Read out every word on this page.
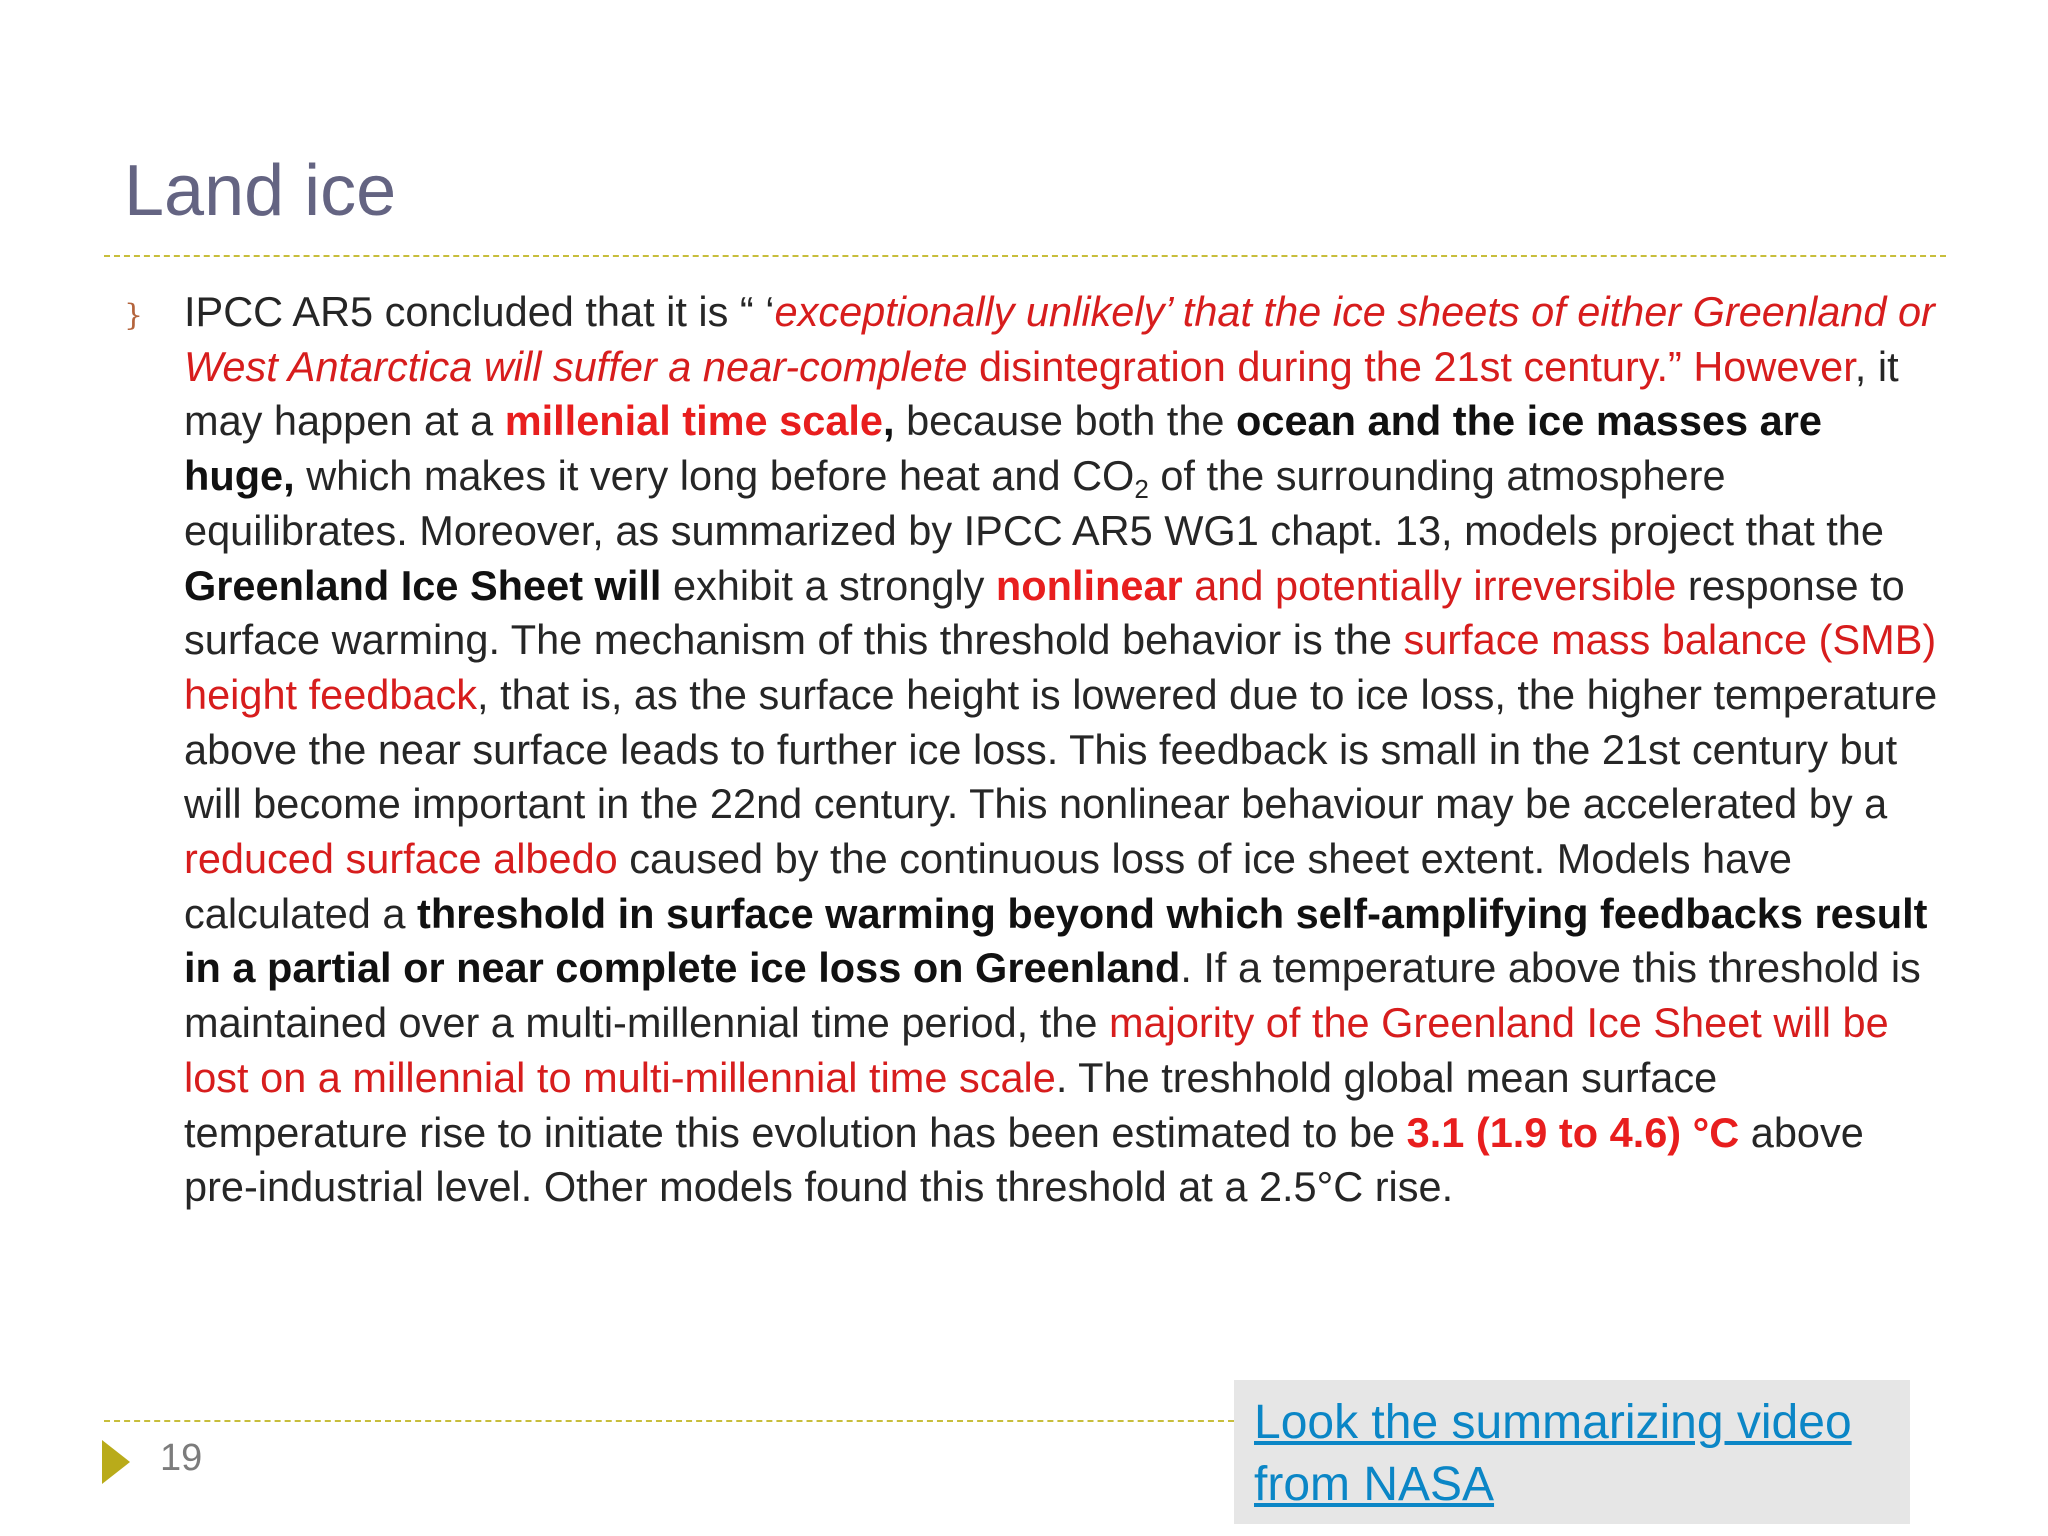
Land ice
} IPCC AR5 concluded that it is “ ‘exceptionally unlikely’ that the ice sheets of either Greenland or West Antarctica will suffer a near-complete disintegration during the 21st century.” However, it may happen at a millenial time scale, because both the ocean and the ice masses are huge, which makes it very long before heat and $CO_2$ of the surrounding atmosphere equilibrates. Moreover, as summarized by IPCC AR5 WG1 chapt. 13, models project that the Greenland Ice Sheet will exhibit a strongly nonlinear and potentially irreversible response to surface warming. The mechanism of this threshold behavior is the surface mass balance (SMB) height feedback, that is, as the surface height is lowered due to ice loss, the higher temperature above the near surface leads to further ice loss. This feedback is small in the 21st century but will become important in the 22nd century. This nonlinear behaviour may be accelerated by a reduced surface albedo caused by the continuous loss of ice sheet extent. Models have calculated a threshold in surface warming beyond which self-amplifying feedbacks result in a partial or near complete ice loss on Greenland. If a temperature above this threshold is maintained over a multi-millennial time period, the majority of the Greenland Ice Sheet will be lost on a millennial to multi-millennial time scale. The treshhold global mean surface temperature rise to initiate this evolution has been estimated to be 3.1 (1.9 to 4.6) °C above pre-industrial level. Other models found this threshold at a 2.5°C rise.

19
Look the summarizing video from NASA
